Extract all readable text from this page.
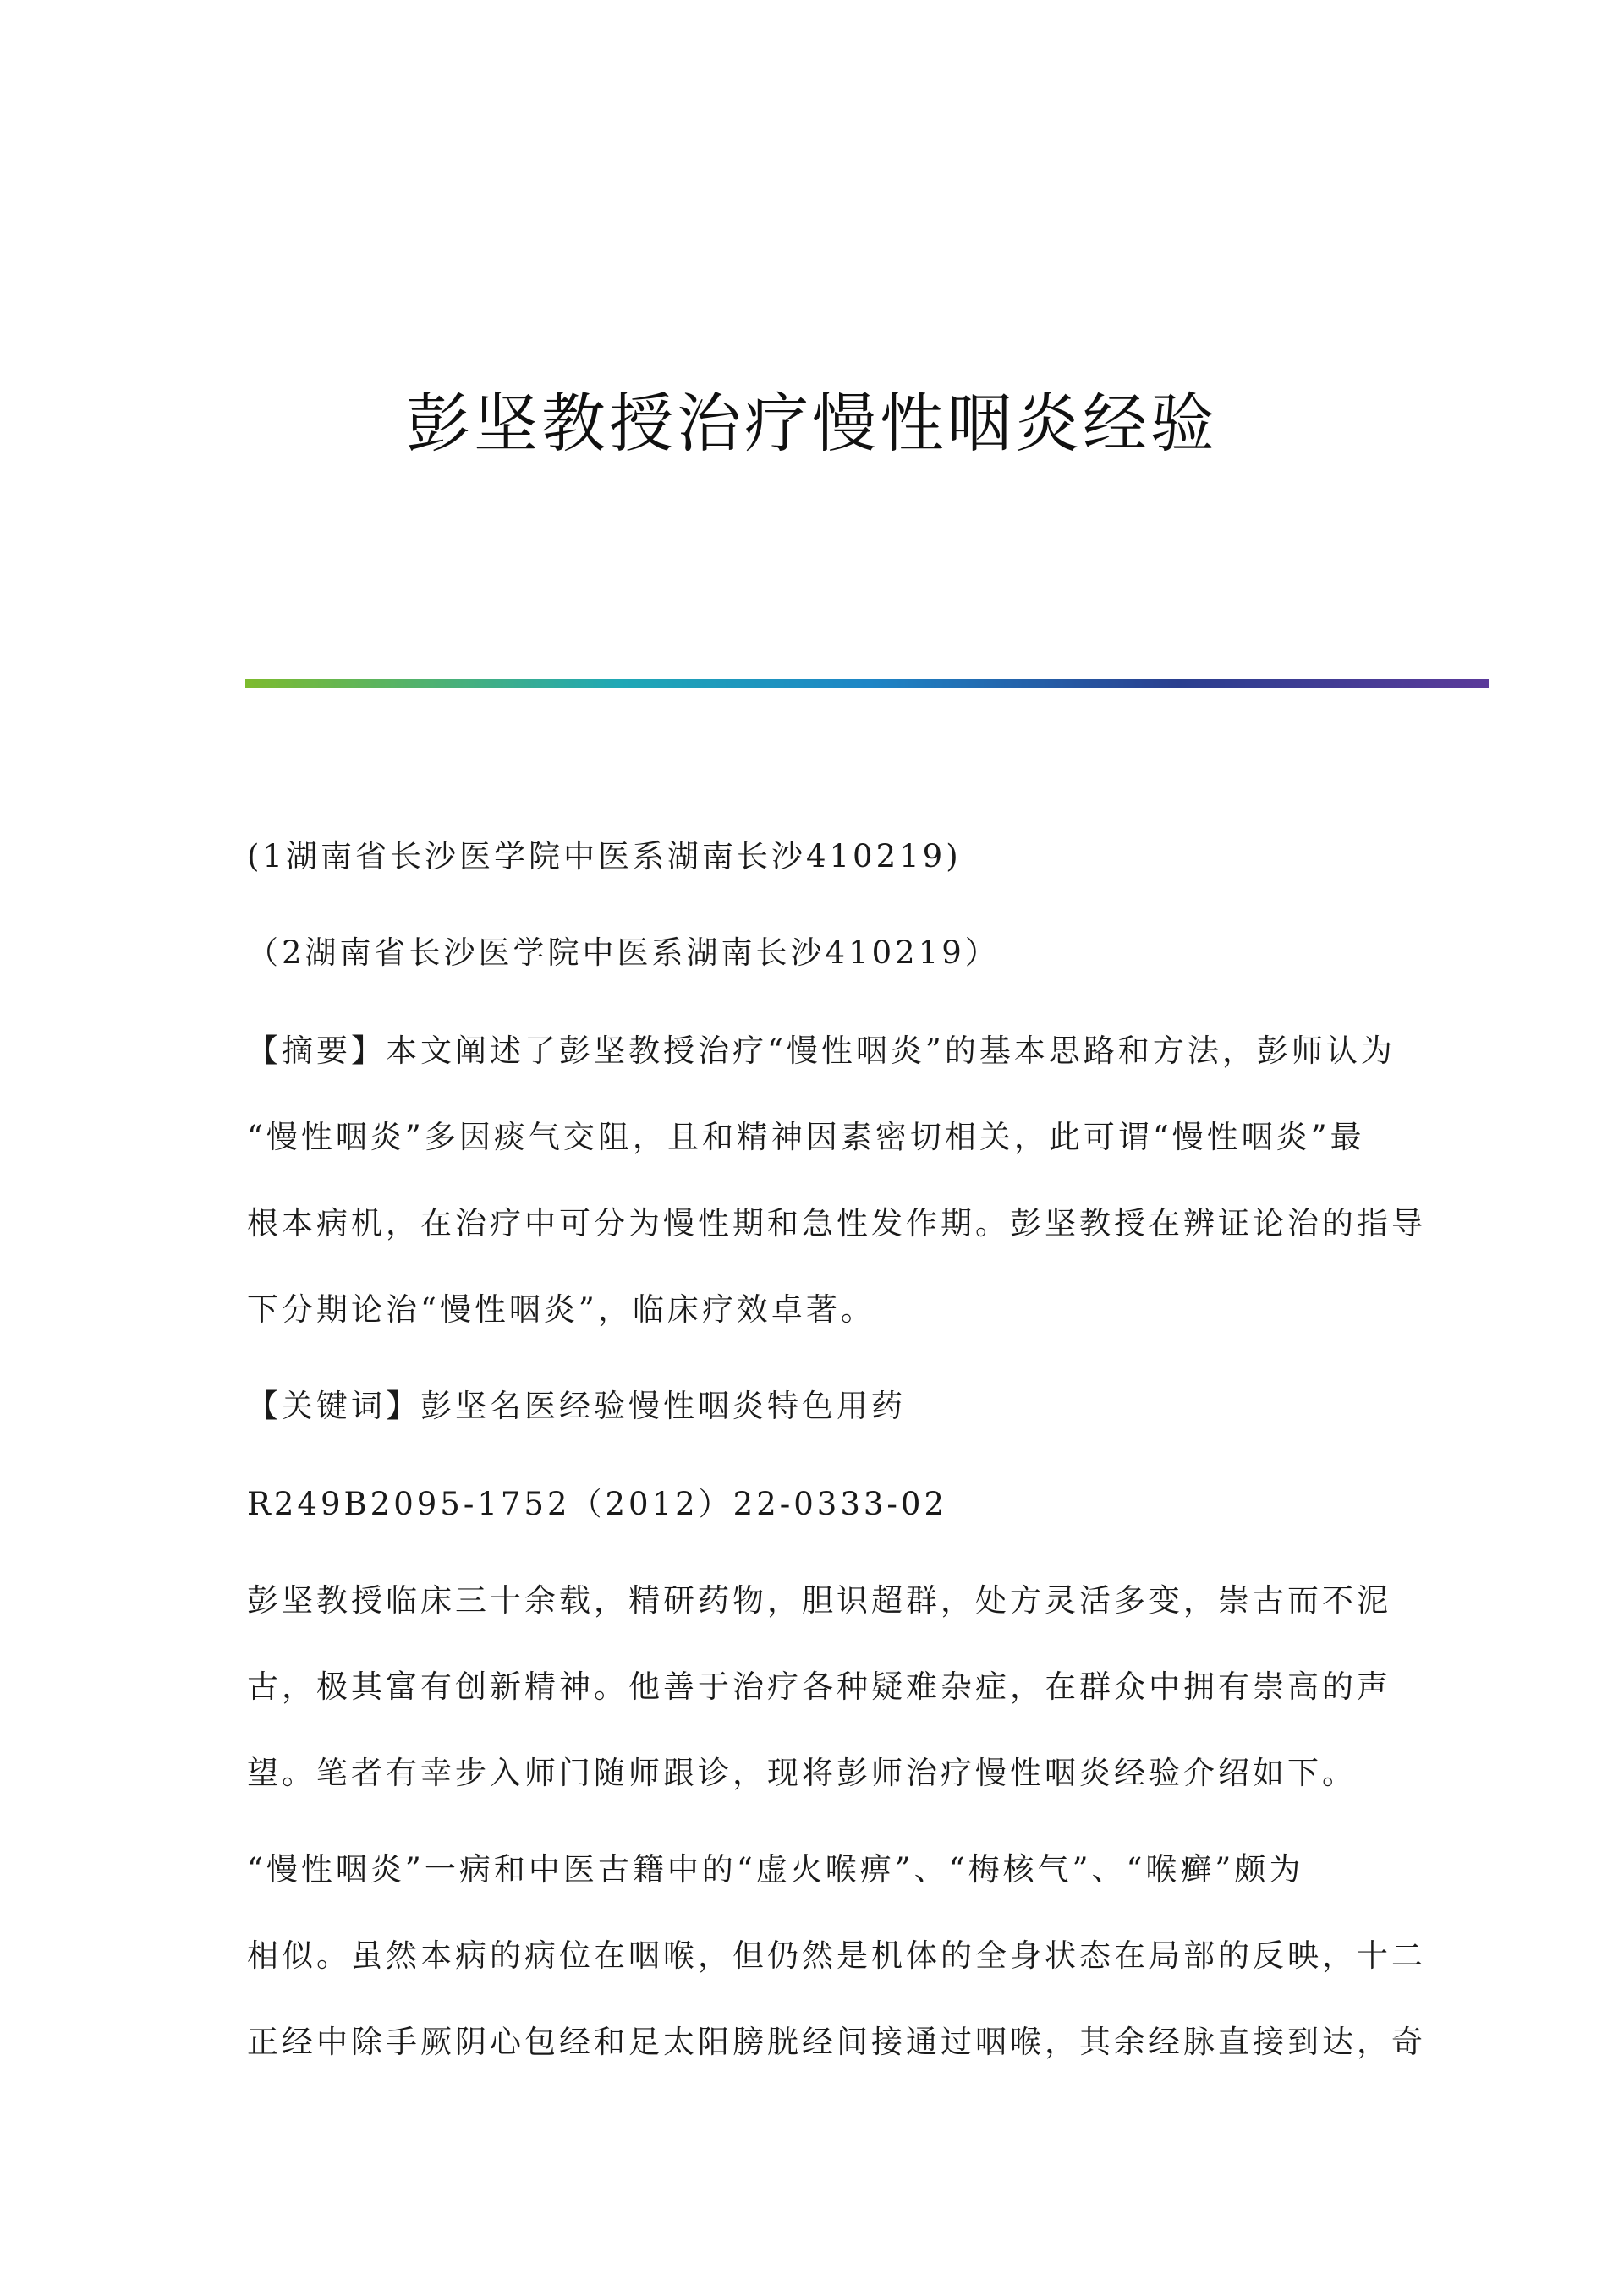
彭坚教授治疗慢性咽炎经验
(1湖南省长沙医学院中医系湖南长沙410219)
（2湖南省长沙医学院中医系湖南长沙410219）
【摘要】本文阐述了彭坚教授治疗“慢性咽炎”的基本思路和方法，彭师认为
“慢性咽炎”多因痰气交阻，且和精神因素密切相关，此可谓“慢性咽炎”最
根本病机，在治疗中可分为慢性期和急性发作期。彭坚教授在辨证论治的指导
下分期论治“慢性咽炎”，临床疗效卓著。
【关键词】彭坚名医经验慢性咽炎特色用药
R249B2095-1752（2012）22-0333-02
彭坚教授临床三十余载，精研药物，胆识超群，处方灵活多变，崇古而不泥
古，极其富有创新精神。他善于治疗各种疑难杂症，在群众中拥有崇高的声
望。笔者有幸步入师门随师跟诊，现将彭师治疗慢性咽炎经验介绍如下。
“慢性咽炎”一病和中医古籍中的“虚火喉痹”、“梅核气”、“喉癣”颇为
相似。虽然本病的病位在咽喉，但仍然是机体的全身状态在局部的反映，十二
正经中除手厥阴心包经和足太阳膀胱经间接通过咽喉，其余经脉直接到达，奇
